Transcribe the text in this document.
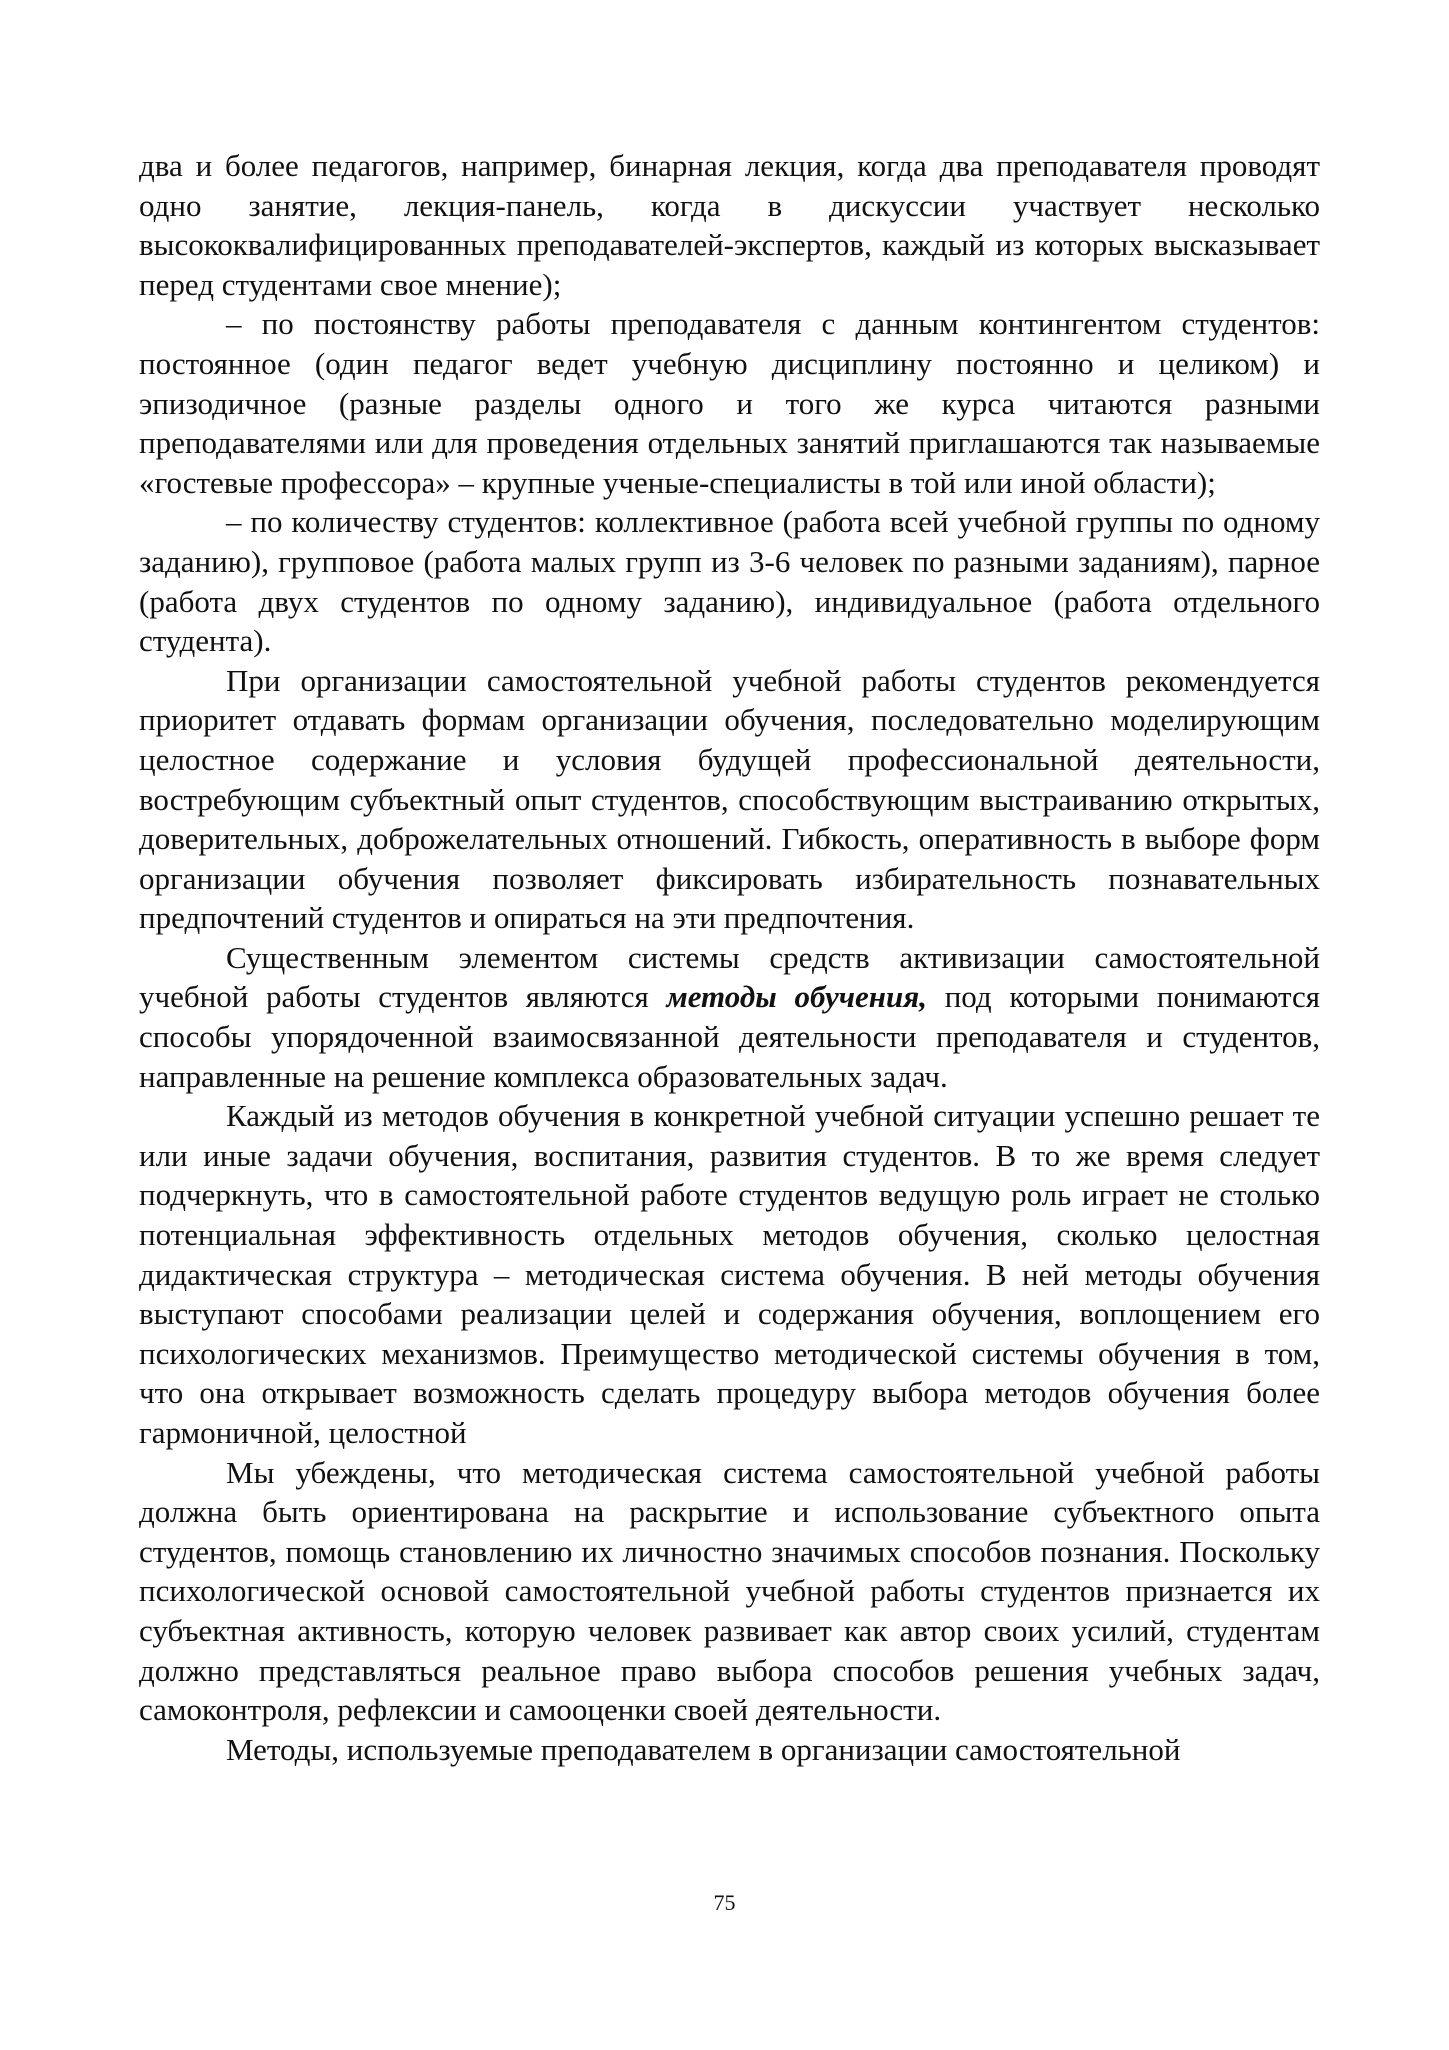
два и более педагогов, например, бинарная лекция, когда два преподавателя проводят одно занятие, лекция-панель, когда в дискуссии участвует несколько высококвалифицированных преподавателей-экспертов, каждый из которых высказывает перед студентами свое мнение);

– по постоянству работы преподавателя с данным контингентом студентов: постоянное (один педагог ведет учебную дисциплину постоянно и целиком) и эпизодичное (разные разделы одного и того же курса читаются разными преподавателями или для проведения отдельных занятий приглашаются так называемые «гостевые профессора» – крупные ученые-специалисты в той или иной области);

– по количеству студентов: коллективное (работа всей учебной группы по одному заданию), групповое (работа малых групп из 3-6 человек по разными заданиям), парное (работа двух студентов по одному заданию), индивидуальное (работа отдельного студента).

При организации самостоятельной учебной работы студентов рекомендуется приоритет отдавать формам организации обучения, последовательно моделирующим целостное содержание и условия будущей профессиональной деятельности, востребующим субъектный опыт студентов, способствующим выстраиванию открытых, доверительных, доброжелательных отношений. Гибкость, оперативность в выборе форм организации обучения позволяет фиксировать избирательность познавательных предпочтений студентов и опираться на эти предпочтения.

Существенным элементом системы средств активизации самостоятельной учебной работы студентов являются методы обучения, под которыми понимаются способы упорядоченной взаимосвязанной деятельности преподавателя и студентов, направленные на решение комплекса образовательных задач.

Каждый из методов обучения в конкретной учебной ситуации успешно решает те или иные задачи обучения, воспитания, развития студентов. В то же время следует подчеркнуть, что в самостоятельной работе студентов ведущую роль играет не столько потенциальная эффективность отдельных методов обучения, сколько целостная дидактическая структура – методическая система обучения. В ней методы обучения выступают способами реализации целей и содержания обучения, воплощением его психологических механизмов. Преимущество методической системы обучения в том, что она открывает возможность сделать процедуру выбора методов обучения более гармоничной, целостной

Мы убеждены, что методическая система самостоятельной учебной работы должна быть ориентирована на раскрытие и использование субъектного опыта студентов, помощь становлению их личностно значимых способов познания. Поскольку психологической основой самостоятельной учебной работы студентов признается их субъектная активность, которую человек развивает как автор своих усилий, студентам должно представляться реальное право выбора способов решения учебных задач, самоконтроля, рефлексии и самооценки своей деятельности.

Методы, используемые преподавателем в организации самостоятельной

75
